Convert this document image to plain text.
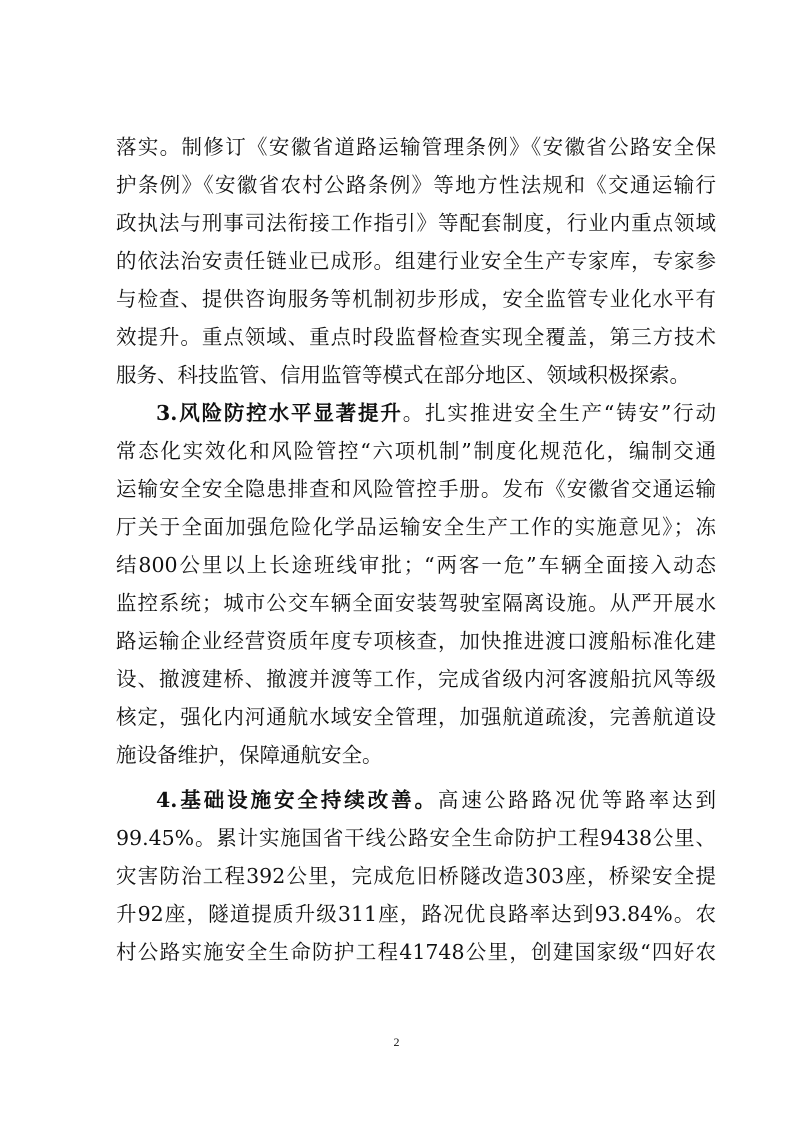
落实。制修订《安徽省道路运输管理条例》《安徽省公路安全保
护条例》《安徽省农村公路条例》等地方性法规和《交通运输行
政执法与刑事司法衔接工作指引》等配套制度，行业内重点领域
的依法治安责任链业已成形。组建行业安全生产专家库，专家参
与检查、提供咨询服务等机制初步形成，安全监管专业化水平有
效提升。重点领域、重点时段监督检查实现全覆盖，第三方技术
服务、科技监管、信用监管等模式在部分地区、领域积极探索。
3.风险防控水平显著提升。扎实推进安全生产“铸安”行动
常态化实效化和风险管控“六项机制”制度化规范化，编制交通
运输安全安全隐患排查和风险管控手册。发布《安徽省交通运输
厅关于全面加强危险化学品运输安全生产工作的实施意见》；冻
结800公里以上长途班线审批；“两客一危”车辆全面接入动态
监控系统；城市公交车辆全面安装驾驶室隔离设施。从严开展水
路运输企业经营资质年度专项核查，加快推进渡口渡船标准化建
设、撤渡建桥、撤渡并渡等工作，完成省级内河客渡船抗风等级
核定，强化内河通航水域安全管理，加强航道疏浚，完善航道设
施设备维护，保障通航安全。
4.基础设施安全持续改善。高速公路路况优等路率达到
99.45%。累计实施国省干线公路安全生命防护工程9438公里、
灾害防治工程392公里，完成危旧桥隧改造303座，桥梁安全提
升92座，隧道提质升级311座，路况优良路率达到93.84%。农
村公路实施安全生命防护工程41748公里，创建国家级“四好农
2
